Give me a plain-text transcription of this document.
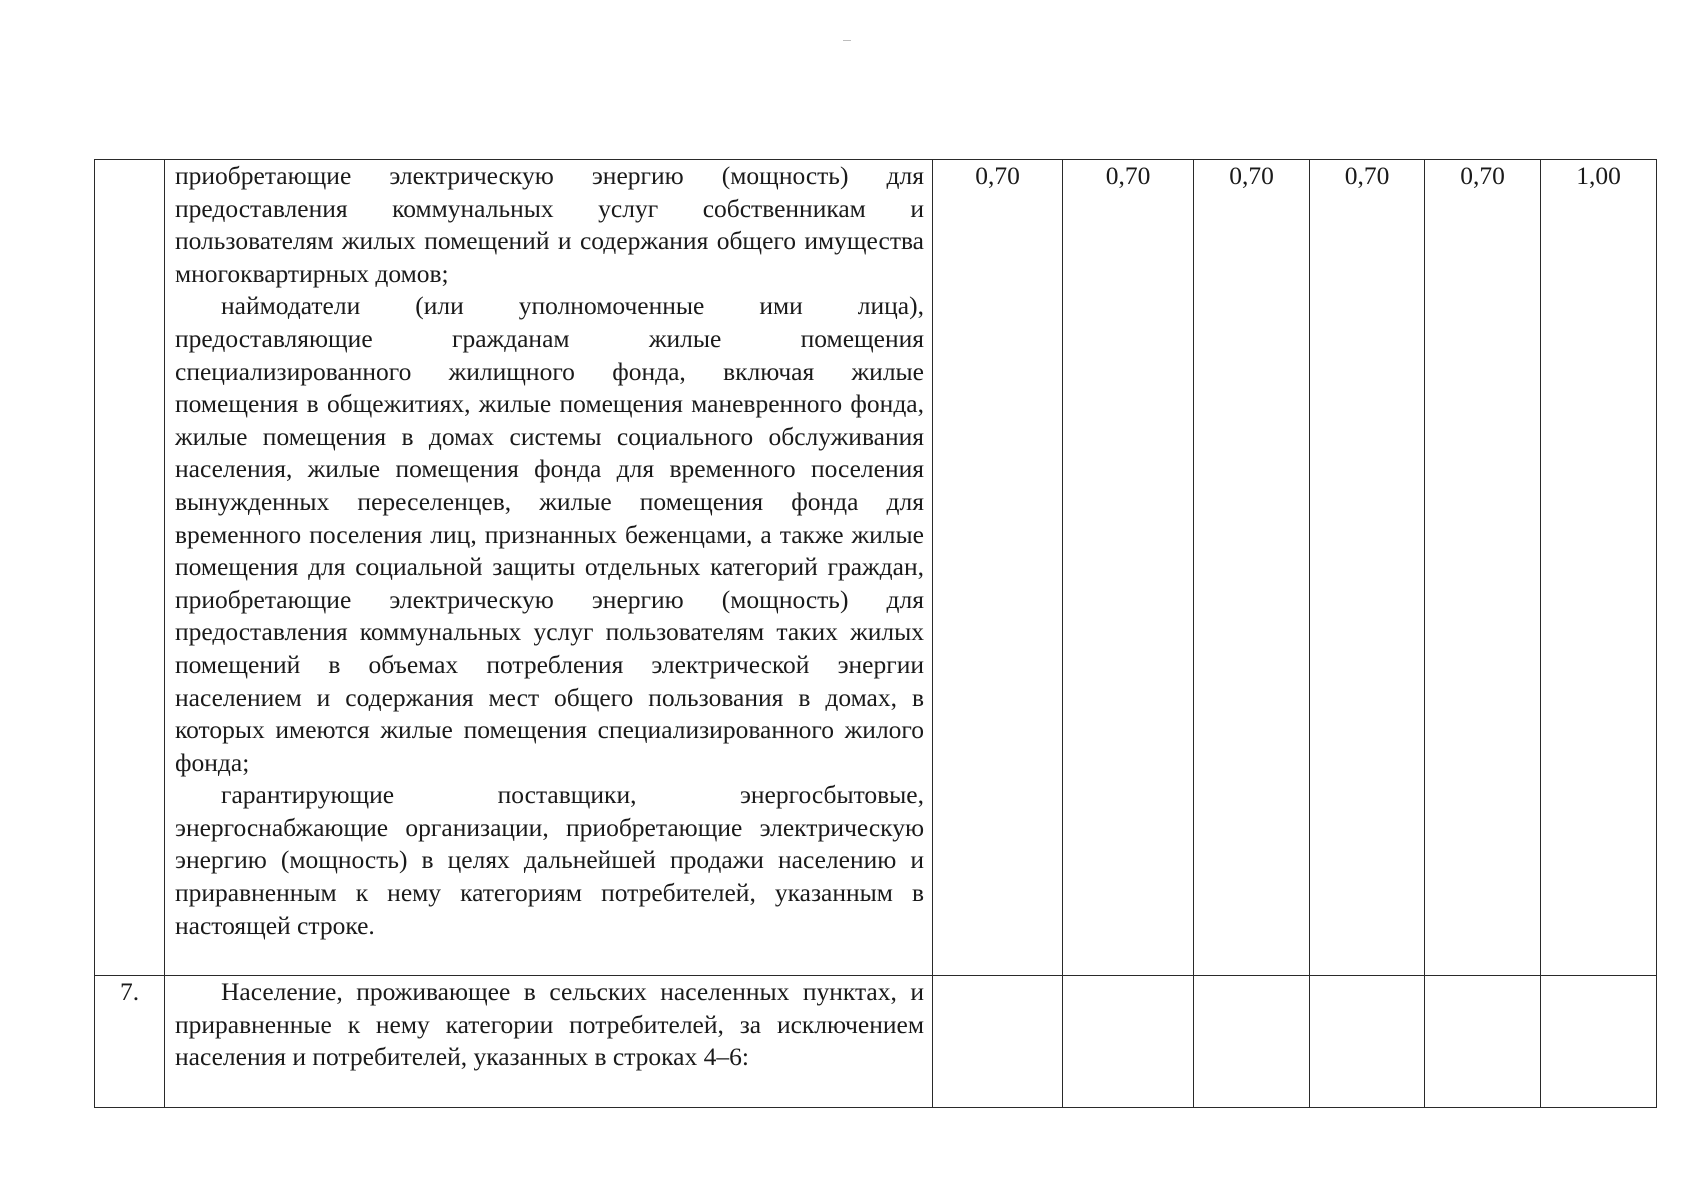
	приобретающие электрическую энергию (мощность) для предоставления коммунальных услуг собственникам и пользователям жилых помещений и содержания общего имущества многоквартирных домов;

наймодатели (или уполномоченные ими лица), предоставляющие гражданам жилые помещения специализированного жилищного фонда, включая жилые помещения в общежитиях, жилые помещения маневренного фонда, жилые помещения в домах системы социального обслуживания населения, жилые помещения фонда для временного поселения вынужденных переселенцев, жилые помещения фонда для временного поселения лиц, признанных беженцами, а также жилые помещения для социальной защиты отдельных категорий граждан, приобретающие электрическую энергию (мощность) для предоставления коммунальных услуг пользователям таких жилых помещений в объемах потребления электрической энергии населением и содержания мест общего пользования в домах, в которых имеются жилые помещения специализированного жилого фонда;

гарантирующие поставщики, энергосбытовые, энергоснабжающие организации, приобретающие электрическую энергию (мощность) в целях дальнейшей продажи населению и приравненным к нему категориям потребителей, указанным в настоящей строке.	0,70	0,70	0,70	0,70	0,70	1,00
7.	Население, проживающее в сельских населенных пунктах, и приравненные к нему категории потребителей, за исключением населения и потребителей, указанных в строках 4–6:						
